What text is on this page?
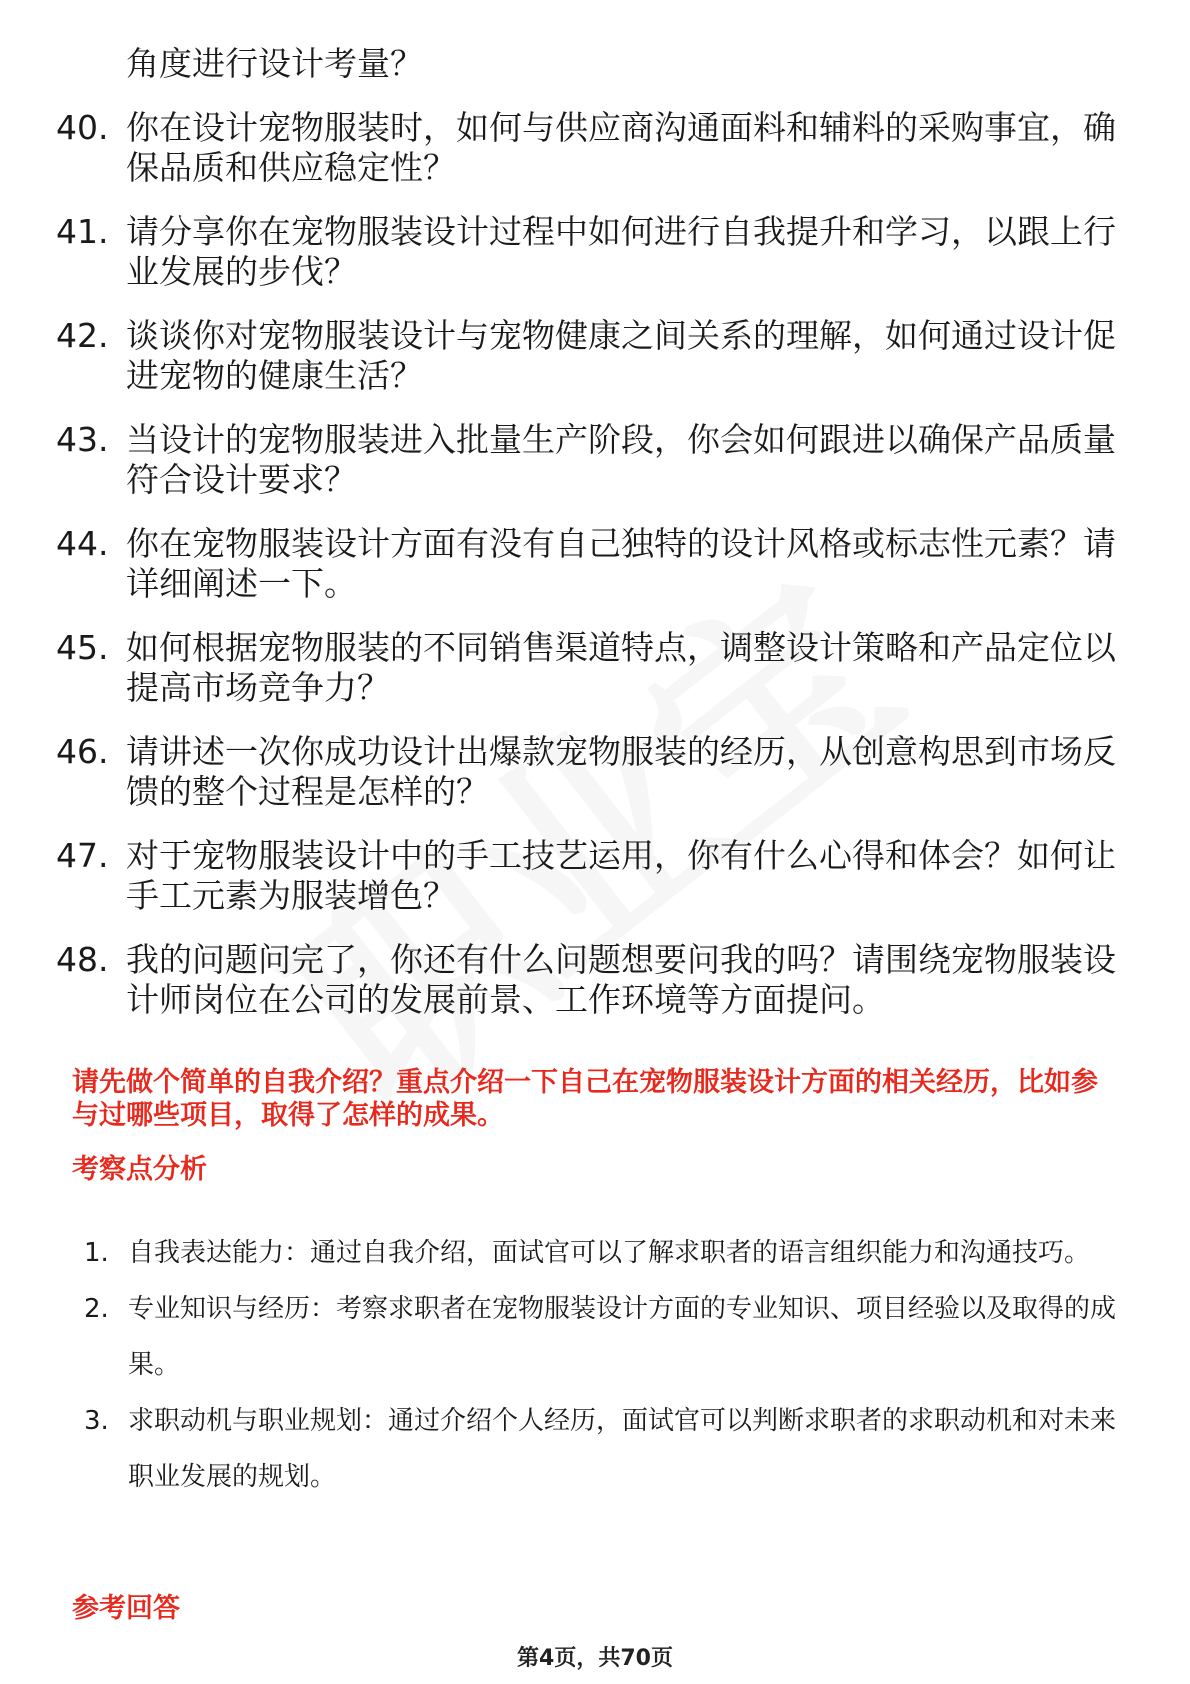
角度进行设计考量？
40. 你在设计宠物服装时，如何与供应商沟通面料和辅料的采购事宜，确保品质和供应稳定性？
41. 请分享你在宠物服装设计过程中如何进行自我提升和学习，以跟上行业发展的步伐？
42. 谈谈你对宠物服装设计与宠物健康之间关系的理解，如何通过设计促进宠物的健康生活？
43. 当设计的宠物服装进入批量生产阶段，你会如何跟进以确保产品质量符合设计要求？
44. 你在宠物服装设计方面有没有自己独特的设计风格或标志性元素？请详细阐述一下。
45. 如何根据宠物服装的不同销售渠道特点，调整设计策略和产品定位以提高市场竞争力？
46. 请讲述一次你成功设计出爆款宠物服装的经历，从创意构思到市场反馈的整个过程是怎样的？
47. 对于宠物服装设计中的手工技艺运用，你有什么心得和体会？如何让手工元素为服装增色？
48. 我的问题问完了，你还有什么问题想要问我的吗？请围绕宠物服装设计师岗位在公司的发展前景、工作环境等方面提问。
请先做个简单的自我介绍？重点介绍一下自己在宠物服装设计方面的相关经历，比如参与过哪些项目，取得了怎样的成果。
考察点分析
1. 自我表达能力：通过自我介绍，面试官可以了解求职者的语言组织能力和沟通技巧。
2. 专业知识与经历：考察求职者在宠物服装设计方面的专业知识、项目经验以及取得的成果。
3. 求职动机与职业规划：通过介绍个人经历，面试官可以判断求职者的求职动机和对未来职业发展的规划。
参考回答
第4页，共70页
